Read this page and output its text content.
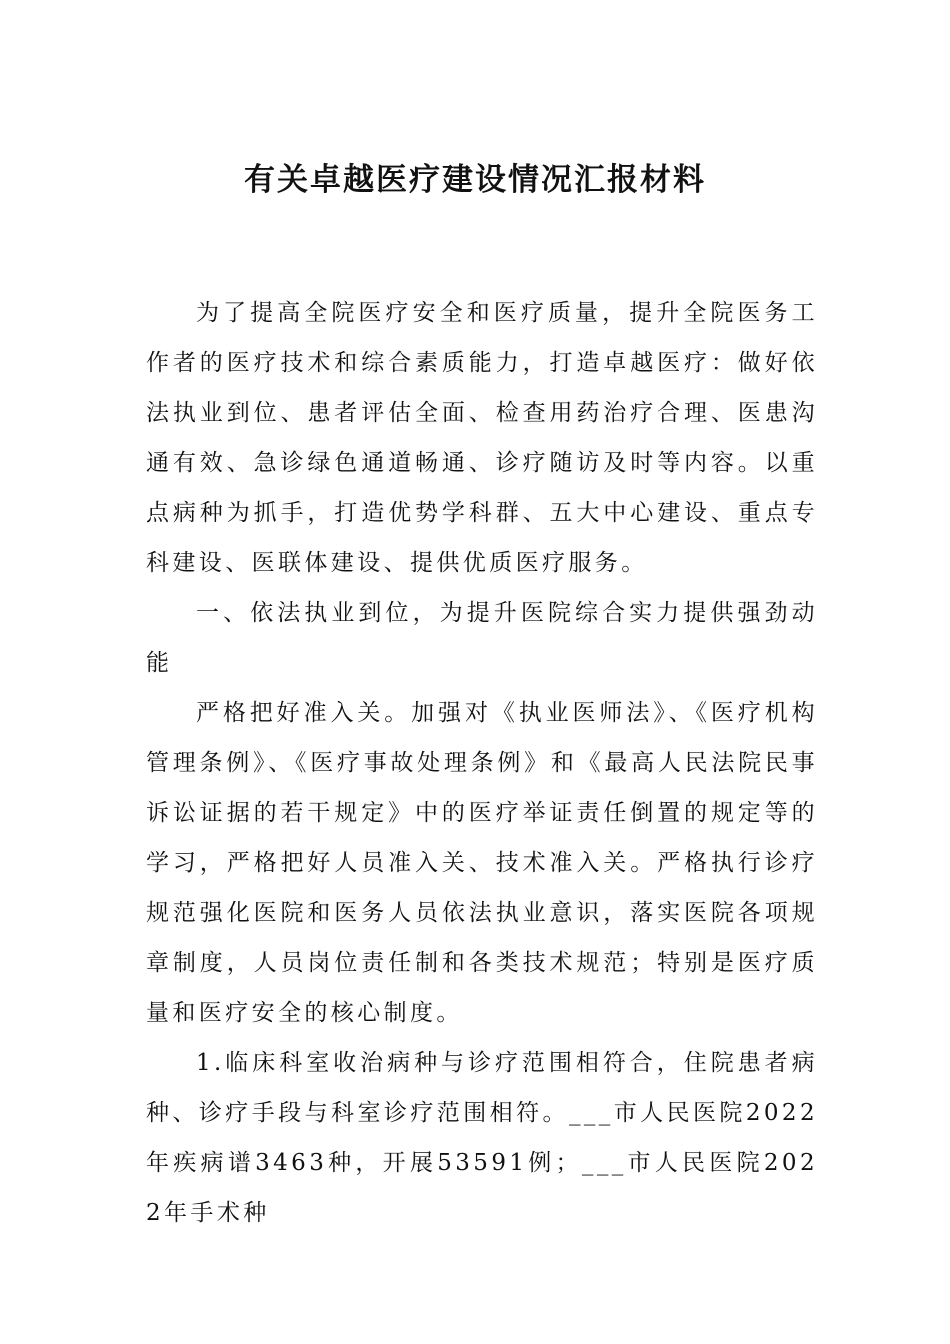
有关卓越医疗建设情况汇报材料

为了提高全院医疗安全和医疗质量，提升全院医务工作者的医疗技术和综合素质能力，打造卓越医疗：做好依法执业到位、患者评估全面、检查用药治疗合理、医患沟通有效、急诊绿色通道畅通、诊疗随访及时等内容。以重点病种为抓手，打造优势学科群、五大中心建设、重点专科建设、医联体建设、提供优质医疗服务。

一、依法执业到位，为提升医院综合实力提供强劲动能

严格把好准入关。加强对《执业医师法》、《医疗机构管理条例》、《医疗事故处理条例》和《最高人民法院民事诉讼证据的若干规定》中的医疗举证责任倒置的规定等的学习，严格把好人员准入关、技术准入关。严格执行诊疗规范强化医院和医务人员依法执业意识，落实医院各项规章制度，人员岗位责任制和各类技术规范；特别是医疗质量和医疗安全的核心制度。

1.临床科室收治病种与诊疗范围相符合，住院患者病种、诊疗手段与科室诊疗范围相符。___市人民医院2022年疾病谱3463种，开展53591例；___市人民医院2022年手术种
